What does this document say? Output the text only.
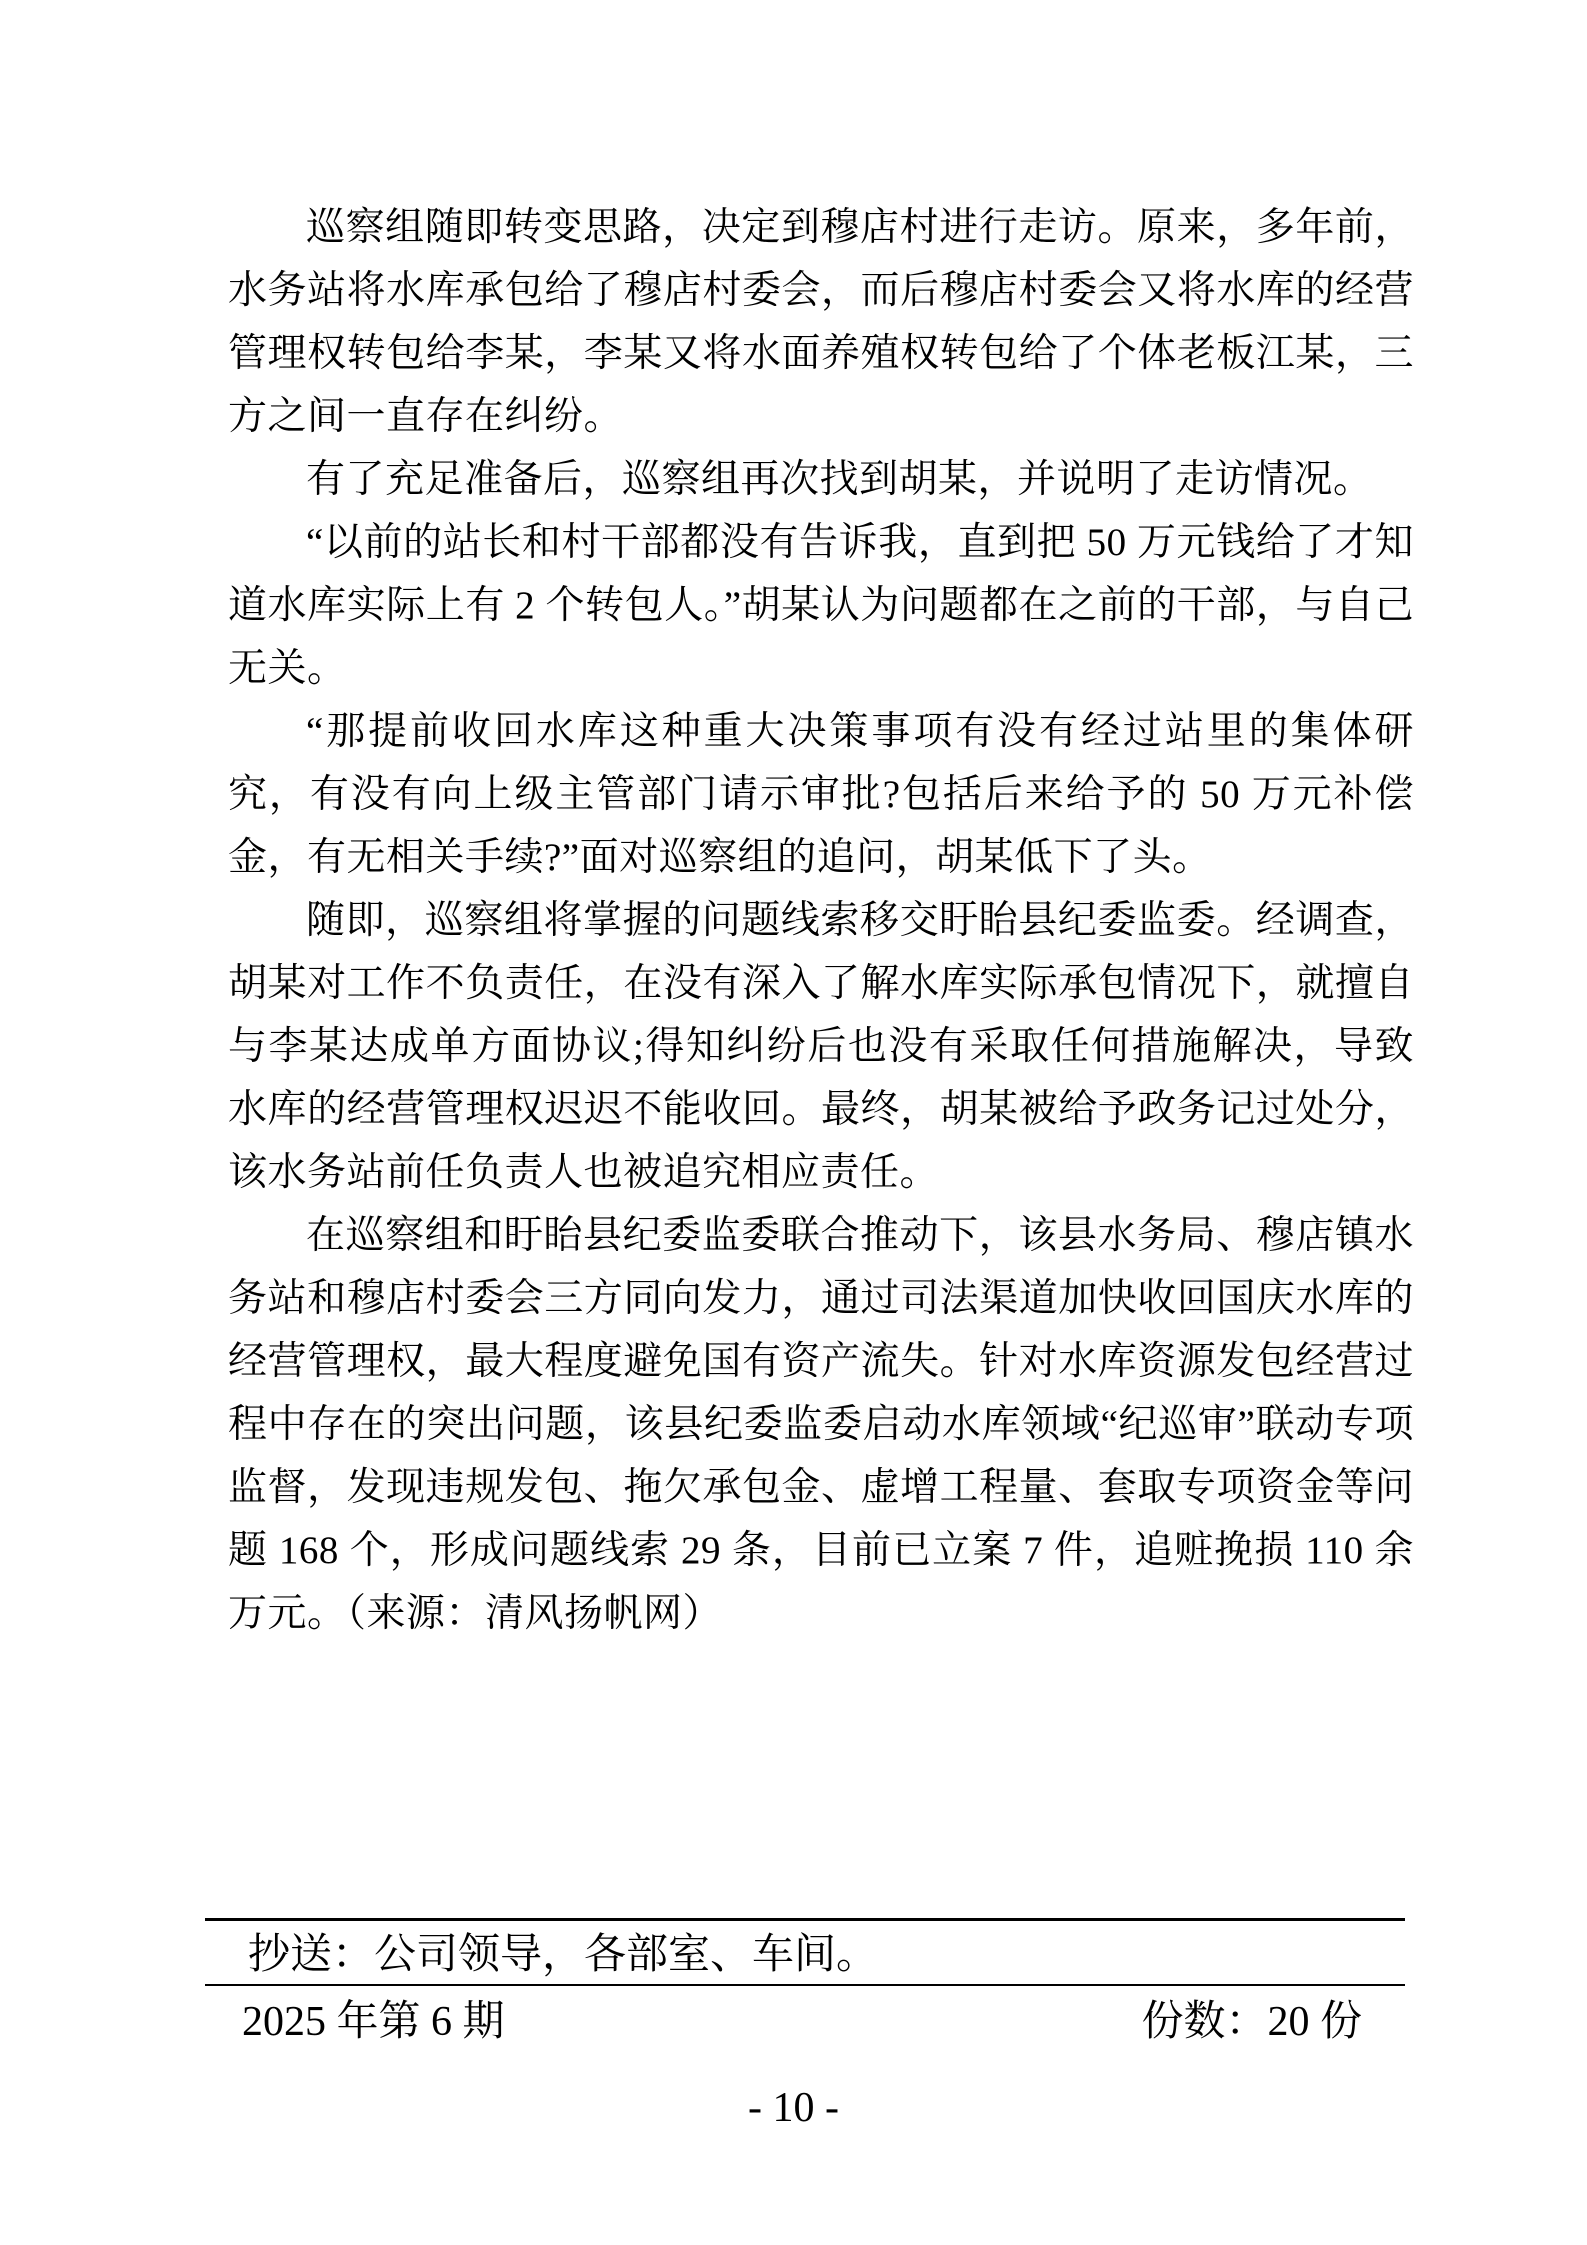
巡察组随即转变思路，决定到穆店村进行走访。原来，多年前，水务站将水库承包给了穆店村委会，而后穆店村委会又将水库的经营管理权转包给李某，李某又将水面养殖权转包给了个体老板江某，三方之间一直存在纠纷。

有了充足准备后，巡察组再次找到胡某，并说明了走访情况。

“以前的站长和村干部都没有告诉我，直到把 50 万元钱给了才知道水库实际上有 2 个转包人。”胡某认为问题都在之前的干部，与自己无关。

“那提前收回水库这种重大决策事项有没有经过站里的集体研究，有没有向上级主管部门请示审批?包括后来给予的 50 万元补偿金，有无相关手续?”面对巡察组的追问，胡某低下了头。

随即，巡察组将掌握的问题线索移交盱眙县纪委监委。经调查，胡某对工作不负责任，在没有深入了解水库实际承包情况下，就擅自与李某达成单方面协议;得知纠纷后也没有采取任何措施解决，导致水库的经营管理权迟迟不能收回。最终，胡某被给予政务记过处分，该水务站前任负责人也被追究相应责任。

在巡察组和盱眙县纪委监委联合推动下，该县水务局、穆店镇水务站和穆店村委会三方同向发力，通过司法渠道加快收回国庆水库的经营管理权，最大程度避免国有资产流失。针对水库资源发包经营过程中存在的突出问题，该县纪委监委启动水库领域“纪巡审”联动专项监督，发现违规发包、拖欠承包金、虚增工程量、套取专项资金等问题 168 个，形成问题线索 29 条，目前已立案 7 件，追赃挽损 110 余万元。（来源：清风扬帆网）

抄送：公司领导，各部室、车间。
2025 年第 6 期	份数：20 份
- 10 -
